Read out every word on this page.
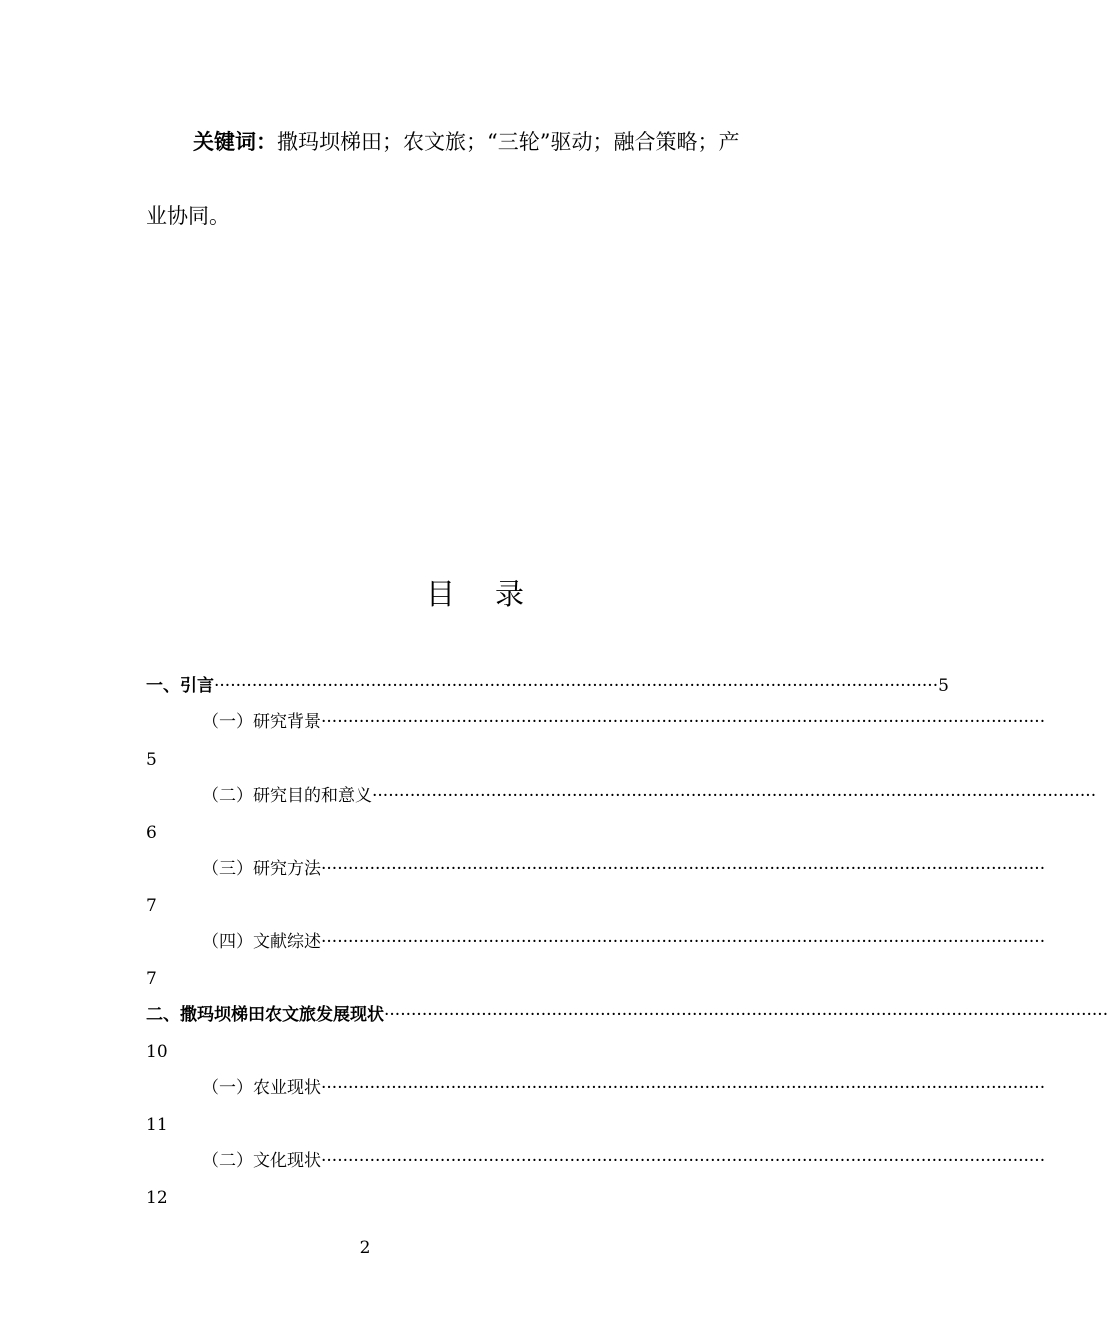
关键词：撒玛坝梯田；农文旅；“三轮”驱动；融合策略；产
业协同。
目录
一、引言 ······································································································································ 5
（一）研究背景 ······································································································································
5
（二）研究目的和意义 ······································································································································
6
（三）研究方法 ······································································································································
7
（四）文献综述 ······································································································································
7
二、撒玛坝梯田农文旅发展现状 ······································································································································
10
（一）农业现状 ······································································································································
11
（二）文化现状 ······································································································································
12
2
